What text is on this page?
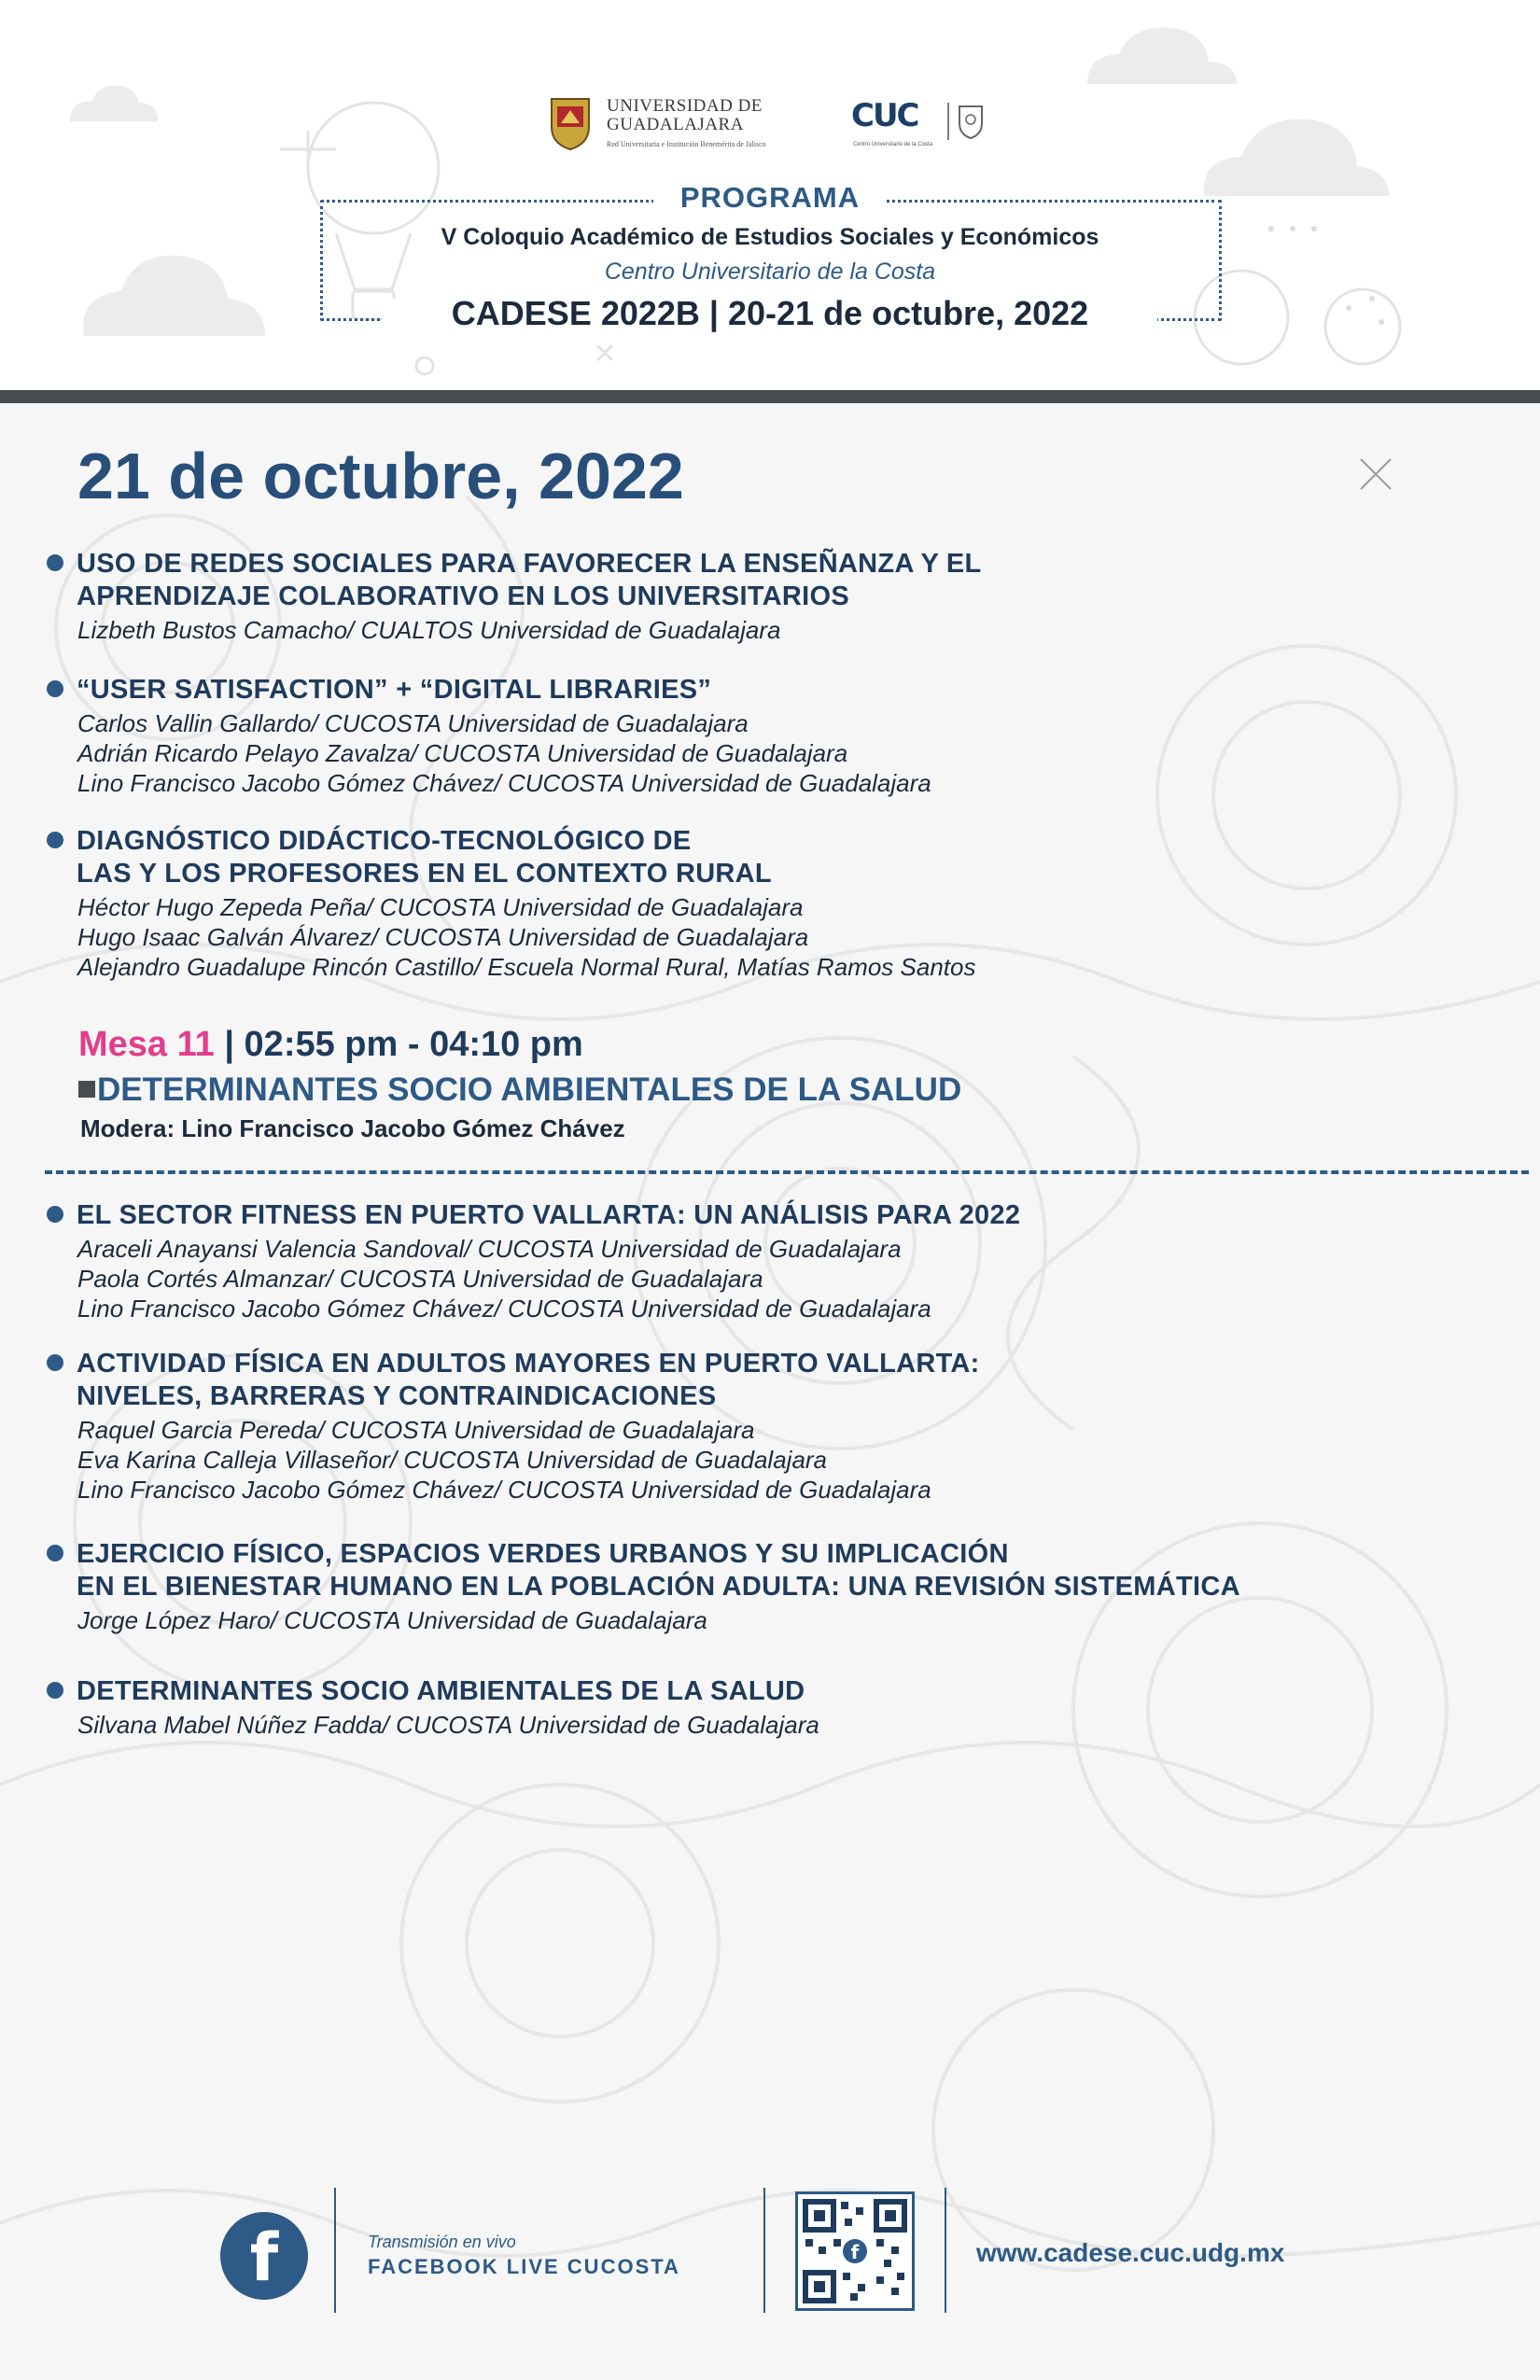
UNIVERSIDAD DE
GUADALAJARA
Red Universitaria e Institución Benemérita de Jalisco
CUC
Centro Universitario de la Costa
PROGRAMA
V Coloquio Académico de Estudios Sociales y Económicos
Centro Universitario de la Costa
CADESE 2022B | 20-21 de octubre, 2022
21 de octubre, 2022
USO DE REDES SOCIALES PARA FAVORECER LA ENSEÑANZA Y EL
APRENDIZAJE COLABORATIVO EN LOS UNIVERSITARIOS
Lizbeth Bustos Camacho/ CUALTOS Universidad de Guadalajara
“USER SATISFACTION” + “DIGITAL LIBRARIES”
Carlos Vallin Gallardo/ CUCOSTA Universidad de Guadalajara
Adrián Ricardo Pelayo Zavalza/ CUCOSTA Universidad de Guadalajara
Lino Francisco Jacobo Gómez Chávez/ CUCOSTA Universidad de Guadalajara
DIAGNÓSTICO DIDÁCTICO-TECNOLÓGICO DE
LAS Y LOS PROFESORES EN EL CONTEXTO RURAL
Héctor Hugo Zepeda Peña/ CUCOSTA Universidad de Guadalajara
Hugo Isaac Galván Álvarez/ CUCOSTA Universidad de Guadalajara
Alejandro Guadalupe Rincón Castillo/ Escuela Normal Rural, Matías Ramos Santos
Mesa 11 | 02:55 pm - 04:10 pm
DETERMINANTES SOCIO AMBIENTALES DE LA SALUD
Modera: Lino Francisco Jacobo Gómez Chávez
EL SECTOR FITNESS EN PUERTO VALLARTA: UN ANÁLISIS PARA 2022
Araceli Anayansi Valencia Sandoval/ CUCOSTA Universidad de Guadalajara
Paola Cortés Almanzar/ CUCOSTA Universidad de Guadalajara
Lino Francisco Jacobo Gómez Chávez/ CUCOSTA Universidad de Guadalajara
ACTIVIDAD FÍSICA EN ADULTOS MAYORES EN PUERTO VALLARTA:
NIVELES, BARRERAS Y CONTRAINDICACIONES
Raquel Garcia Pereda/ CUCOSTA Universidad de Guadalajara
Eva Karina Calleja Villaseñor/ CUCOSTA Universidad de Guadalajara
Lino Francisco Jacobo Gómez Chávez/ CUCOSTA Universidad de Guadalajara
EJERCICIO FÍSICO, ESPACIOS VERDES URBANOS Y SU IMPLICACIÓN
EN EL BIENESTAR HUMANO EN LA POBLACIÓN ADULTA: UNA REVISIÓN SISTEMÁTICA
Jorge López Haro/ CUCOSTA Universidad de Guadalajara
DETERMINANTES SOCIO AMBIENTALES DE LA SALUD
Silvana Mabel Núñez Fadda/ CUCOSTA Universidad de Guadalajara
f	Transmisión en vivo
FACEBOOK LIVE CUCOSTA
f	www.cadese.cuc.udg.mx
